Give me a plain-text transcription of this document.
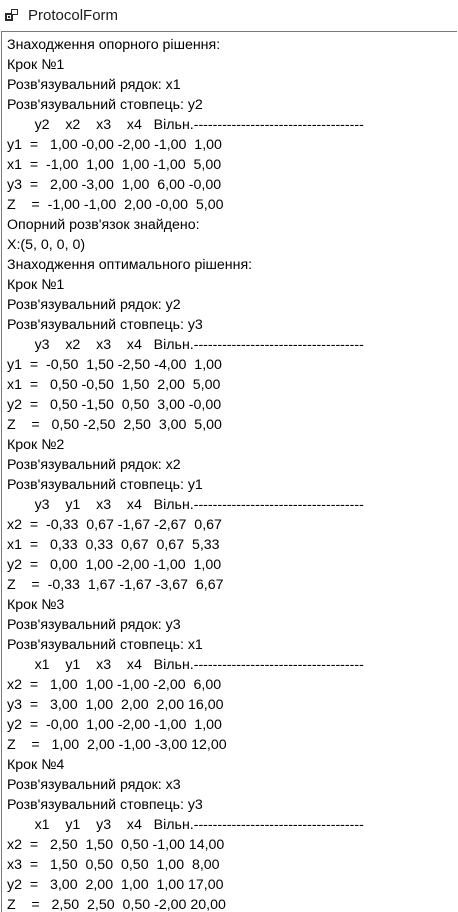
ProtocolForm
Знаходження опорного рішення:
Крок №1
Розв'язувальний рядок: x1
Розв'язувальний стовпець: y2
y2    x2    x3    x4   Вільн.------------------------------------
y1  =   1,00 -0,00 -2,00 -1,00  1,00
x1  =  -1,00  1,00  1,00 -1,00  5,00
y3  =   2,00 -3,00  1,00  6,00 -0,00
Z    =  -1,00 -1,00  2,00 -0,00  5,00
Опорний розв'язок знайдено:
X:(5, 0, 0, 0)
Знаходження оптимального рішення:
Крок №1
Розв'язувальний рядок: y2
Розв'язувальний стовпець: y3
y3    x2    x3    x4   Вільн.------------------------------------
y1  =  -0,50  1,50 -2,50 -4,00  1,00
x1  =   0,50 -0,50  1,50  2,00  5,00
y2  =   0,50 -1,50  0,50  3,00 -0,00
Z    =   0,50 -2,50  2,50  3,00  5,00
Крок №2
Розв'язувальний рядок: x2
Розв'язувальний стовпець: y1
y3    y1    x3    x4   Вільн.------------------------------------
x2  =  -0,33  0,67 -1,67 -2,67  0,67
x1  =   0,33  0,33  0,67  0,67  5,33
y2  =   0,00  1,00 -2,00 -1,00  1,00
Z    =  -0,33  1,67 -1,67 -3,67  6,67
Крок №3
Розв'язувальний рядок: y3
Розв'язувальний стовпець: x1
x1    y1    x3    x4   Вільн.------------------------------------
x2  =   1,00  1,00 -1,00 -2,00  6,00
y3  =   3,00  1,00  2,00  2,00 16,00
y2  =  -0,00  1,00 -2,00 -1,00  1,00
Z    =   1,00  2,00 -1,00 -3,00 12,00
Крок №4
Розв'язувальний рядок: x3
Розв'язувальний стовпець: y3
x1    y1    y3    x4   Вільн.------------------------------------
x2  =   2,50  1,50  0,50 -1,00 14,00
x3  =   1,50  0,50  0,50  1,00  8,00
y2  =   3,00  2,00  1,00  1,00 17,00
Z    =   2,50  2,50  0,50 -2,00 20,00
